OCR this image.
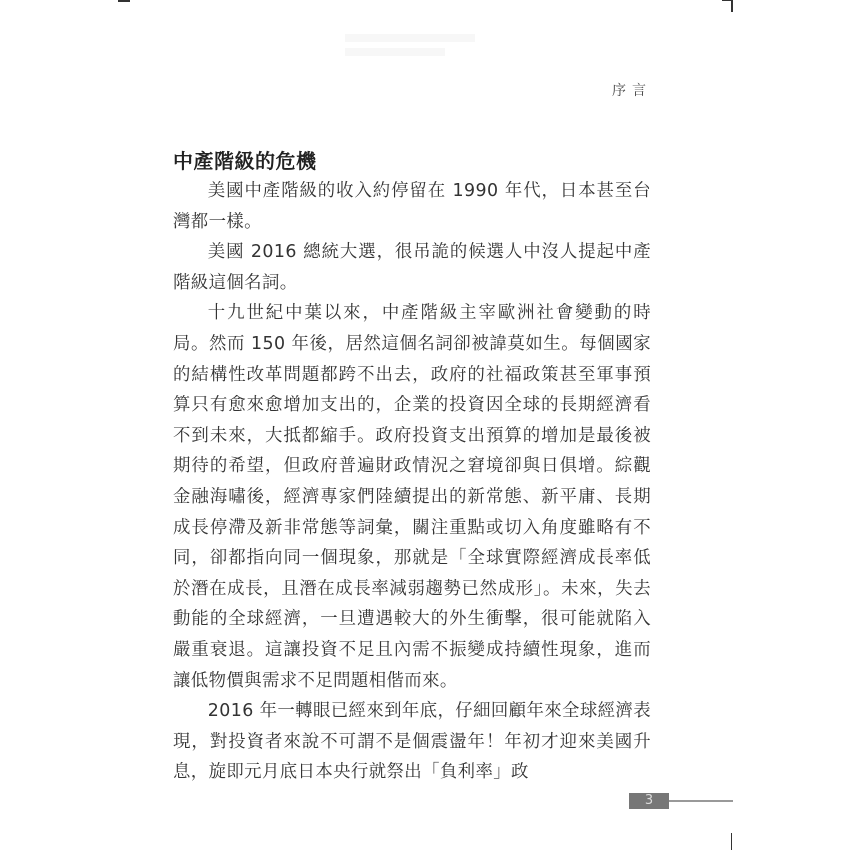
序言
中產階級的危機

美國中產階級的收入約停留在 1990 年代，日本甚至台灣都一樣。

美國 2016 總統大選，很吊詭的候選人中沒人提起中產階級這個名詞。

十九世紀中葉以來，中產階級主宰歐洲社會變動的時局。然而 150 年後，居然這個名詞卻被諱莫如生。每個國家的結構性改革問題都跨不出去，政府的社福政策甚至軍事預算只有愈來愈增加支出的，企業的投資因全球的長期經濟看不到未來，大抵都縮手。政府投資支出預算的增加是最後被期待的希望，但政府普遍財政情況之窘境卻與日俱增。綜觀金融海嘯後，經濟專家們陸續提出的新常態、新平庸、長期成長停滯及新非常態等詞彙，關注重點或切入角度雖略有不同，卻都指向同一個現象，那就是「全球實際經濟成長率低於潛在成長，且潛在成長率減弱趨勢已然成形」。未來，失去動能的全球經濟，一旦遭遇較大的外生衝擊，很可能就陷入嚴重衰退。這讓投資不足且內需不振變成持續性現象，進而讓低物價與需求不足問題相偕而來。

2016 年一轉眼已經來到年底，仔細回顧年來全球經濟表現，對投資者來說不可謂不是個震盪年！年初才迎來美國升息，旋即元月底日本央行就祭出「負利率」政

3
